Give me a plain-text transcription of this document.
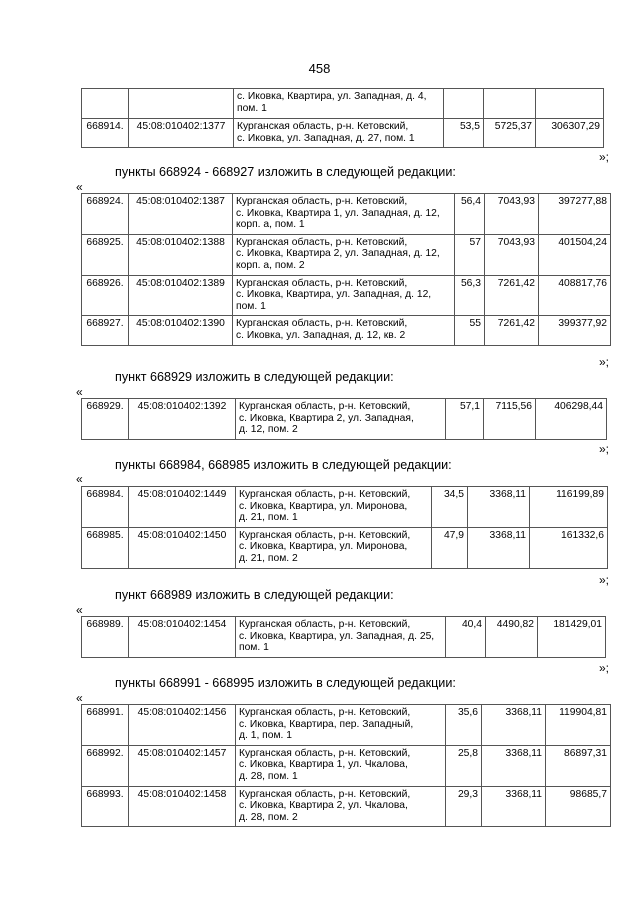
458

		с. Иковка, Квартира, ул. Западная, д. 4,
пом. 1			

668914.	45:08:010402:1377	Курганская область, р-н. Кетовский,
с. Иковка, ул. Западная, д. 27, пом. 1	53,5	5725,37	306307,29
»;
пункты 668924 - 668927 изложить в следующей редакции:
«
668924.	45:08:010402:1387	Курганская область, р-н. Кетовский,
с. Иковка, Квартира 1, ул. Западная, д. 12,
корп. а, пом. 1	56,4	7043,93	397277,88
668925.	45:08:010402:1388	Курганская область, р-н. Кетовский,
с. Иковка, Квартира 2, ул. Западная, д. 12,
корп. а, пом. 2	57	7043,93	401504,24
668926.	45:08:010402:1389	Курганская область, р-н. Кетовский,
с. Иковка, Квартира, ул. Западная, д. 12,
пом. 1	56,3	7261,42	408817,76
668927.	45:08:010402:1390	Курганская область, р-н. Кетовский,
с. Иковка, ул. Западная, д. 12, кв. 2	55	7261,42	399377,92
»;
пункт 668929 изложить в следующей редакции:
«
668929.	45:08:010402:1392	Курганская область, р-н. Кетовский,
с. Иковка, Квартира 2, ул. Западная,
д. 12, пом. 2
	57,1	7115,56	406298,44
»;
пункты 668984, 668985 изложить в следующей редакции:
«
668984.	45:08:010402:1449	Курганская область, р-н. Кетовский,
с. Иковка, Квартира, ул. Миронова,
д. 21, пом. 1	34,5	3368,11	116199,89
668985.	45:08:010402:1450	Курганская область, р-н. Кетовский,
с. Иковка, Квартира, ул. Миронова,
д. 21, пом. 2	47,9	3368,11	161332,6
»;
пункт 668989 изложить в следующей редакции:
«
668989.	45:08:010402:1454	Курганская область, р-н. Кетовский,
с. Иковка, Квартира, ул. Западная, д. 25,
пом. 1
	40,4	4490,82	181429,01
»;
пункты 668991 - 668995 изложить в следующей редакции:
«
668991.	45:08:010402:1456	Курганская область, р-н. Кетовский,
с. Иковка, Квартира, пер. Западный,
д. 1, пом. 1	35,6	3368,11	119904,81
668992.	45:08:010402:1457	Курганская область, р-н. Кетовский,
с. Иковка, Квартира 1, ул. Чкалова,
д. 28, пом. 1	25,8	3368,11	86897,31
668993.	45:08:010402:1458	Курганская область, р-н. Кетовский,
с. Иковка, Квартира 2, ул. Чкалова,
д. 28, пом. 2	29,3	3368,11	98685,7
